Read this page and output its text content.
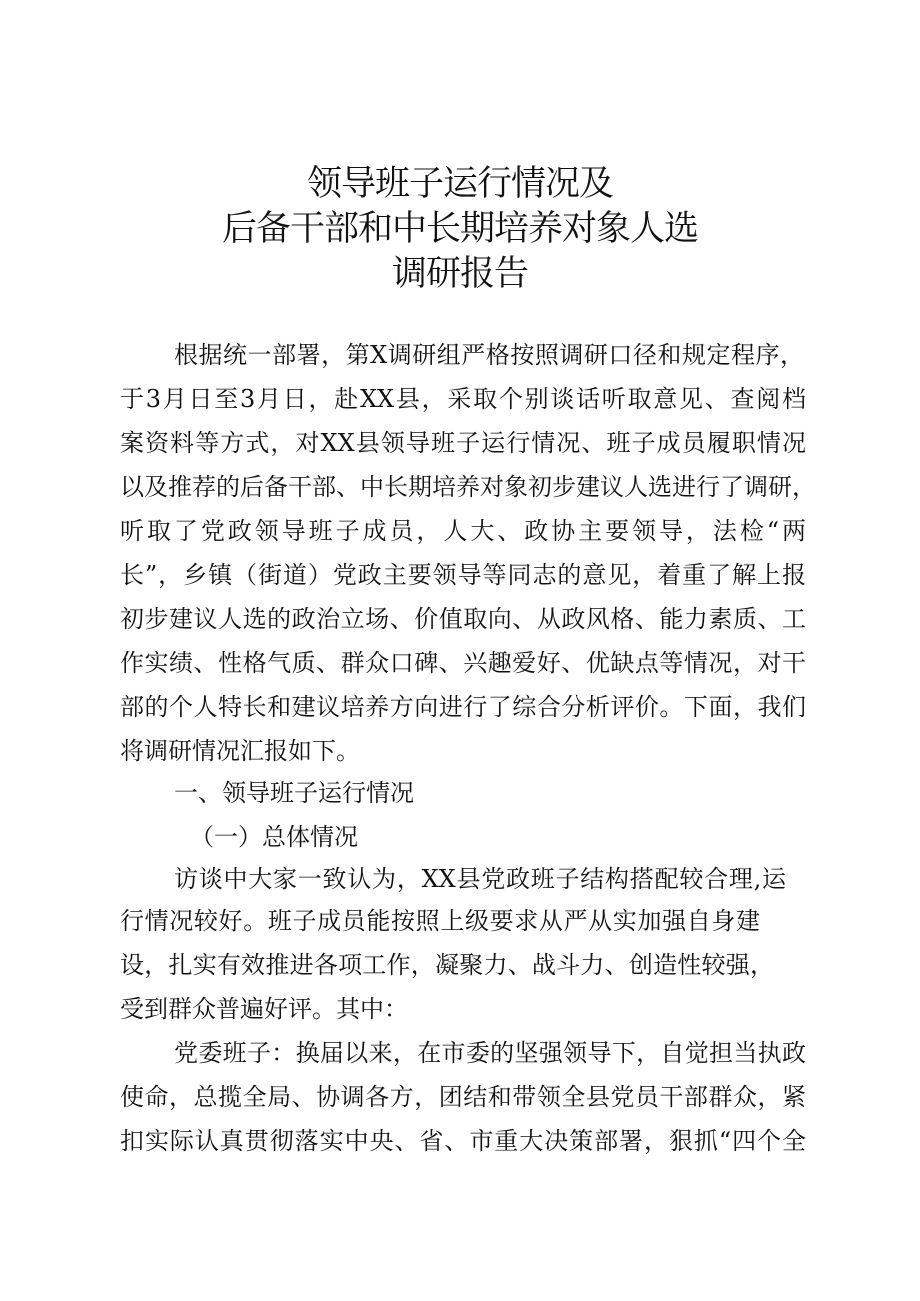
领导班子运行情况及
后备干部和中长期培养对象人选
调研报告
根据统一部署，第X调研组严格按照调研口径和规定程序，
于3月日至3月日，赴XX县，采取个别谈话听取意见、查阅档
案资料等方式，对XX县领导班子运行情况、班子成员履职情况
以及推荐的后备干部、中长期培养对象初步建议人选进行了调研，
听取了党政领导班子成员，人大、政协主要领导，法检“两
长”，乡镇（街道）党政主要领导等同志的意见，着重了解上报
初步建议人选的政治立场、价值取向、从政风格、能力素质、工
作实绩、性格气质、群众口碑、兴趣爱好、优缺点等情况，对干
部的个人特长和建议培养方向进行了综合分析评价。下面，我们
将调研情况汇报如下。
一、领导班子运行情况
（一）总体情况
访谈中大家一致认为，XX县党政班子结构搭配较合理,运
行情况较好。班子成员能按照上级要求从严从实加强自身建
设，扎实有效推进各项工作，凝聚力、战斗力、创造性较强，
受到群众普遍好评。其中：
党委班子：换届以来，在市委的坚强领导下，自觉担当执政
使命，总揽全局、协调各方，团结和带领全县党员干部群众，紧
扣实际认真贯彻落实中央、省、市重大决策部署，狠抓“四个全
